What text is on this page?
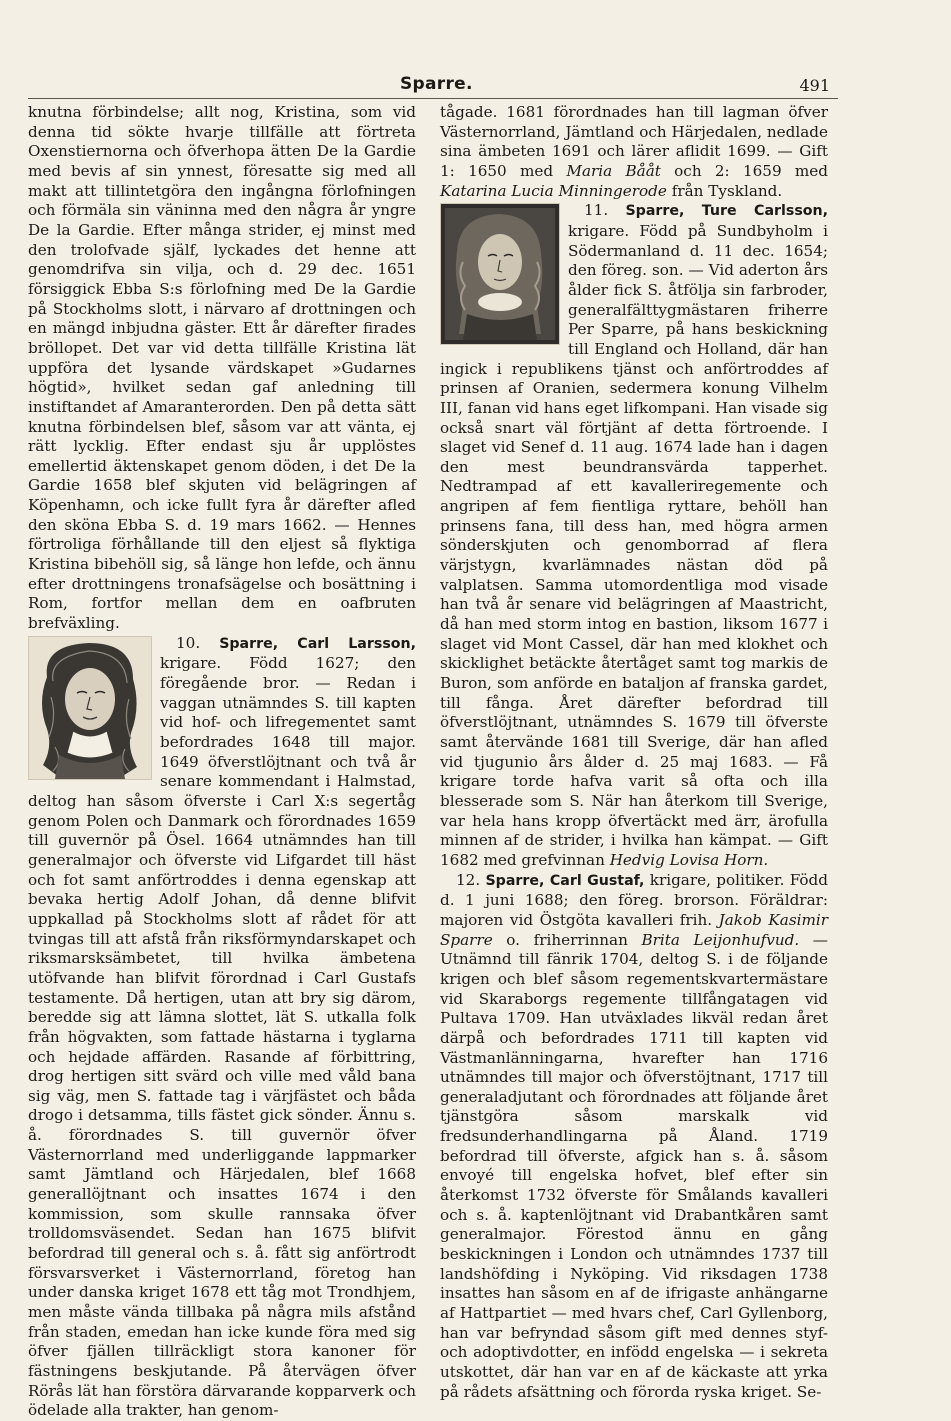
Sparre.	491

knutna förbindelse; allt nog, Kristina, som vid denna tid sökte hvarje tillfälle att förtreta Oxenstiernorna och öfverhopa ätten De la Gardie med bevis af sin ynnest, föresatte sig med all makt att tillintetgöra den ingångna förlofningen och förmäla sin väninna med den några år yngre De la Gardie. Efter många strider, ej minst med den trolofvade själf, lyckades det henne att genomdrifva sin vilja, och d. 29 dec. 1651 försiggick Ebba S:s förlofning med De la Gardie på Stockholms slott, i närvaro af drottningen och en mängd inbjudna gäster. Ett år därefter firades bröllopet. Det var vid detta tillfälle Kristina lät uppföra det lysande värdskapet »Gudarnes högtid», hvilket sedan gaf anledning till instiftandet af Amaranterorden. Den på detta sätt knutna förbindelsen blef, såsom var att vänta, ej rätt lycklig. Efter endast sju år upplöstes emellertid äktenskapet genom döden, i det De la Gardie 1658 blef skjuten vid belägringen af Köpenhamn, och icke fullt fyra år därefter afled den sköna Ebba S. d. 19 mars 1662. — Hennes förtroliga förhållande till den eljest så flyktiga Kristina bibehöll sig, så länge hon lefde, och ännu efter drottningens tronafsägelse och bosättning i Rom, fortfor mellan dem en oafbruten brefväxling.

10. Sparre, Carl Larsson,
krigare. Född 1627; den föregående bror. — Redan i vaggan utnämndes S. till kapten vid hof- och lifregementet samt befordrades 1648 till major. 1649 öfverstlöjtnant och två år senare kommendant i Halmstad, deltog han såsom öfverste i Carl X:s segertåg genom Polen och Danmark och förordnades 1659 till guvernör på Ösel. 1664 utnämndes han till generalmajor och öfverste vid Lifgardet till häst och fot samt anförtroddes i denna egenskap att bevaka hertig Adolf Johan, då denne blifvit uppkallad på Stockholms slott af rådet för att tvingas till att afstå från riksförmyndarskapet och riksmarsksämbetet, till hvilka ämbetena utöfvande han blifvit förordnad i Carl Gustafs testamente. Då hertigen, utan att bry sig därom, beredde sig att lämna slottet, lät S. utkalla folk från högvakten, som fattade hästarna i tyglarna och hejdade affärden. Rasande af förbittring, drog hertigen sitt svärd och ville med våld bana sig väg, men S. fattade tag i värjfästet och båda drogo i detsamma, tills fästet gick sönder. Ännu s. å. förordnades S. till guvernör öfver Västernorrland med underliggande lappmarker samt Jämtland och Härjedalen, blef 1668 generallöjtnant och insattes 1674 i den kommission, som skulle rannsaka öfver trolldomsväsendet. Sedan han 1675 blifvit befordrad till general och s. å. fått sig anförtrodt försvarsverket i Västernorrland, företog han under danska kriget 1678 ett tåg mot Trondhjem, men måste vända tillbaka på några mils afstånd från staden, emedan han icke kunde föra med sig öfver fjällen tillräckligt stora kanoner för fästningens beskjutande. På återvägen öfver Rörås lät han förstöra därvarande kopparverk och ödelade alla trakter, han genom-

tågade. 1681 förordnades han till lagman öfver Västernorrland, Jämtland och Härjedalen, nedlade sina ämbeten 1691 och lärer aflidit 1699. — Gift 1: 1650 med Maria Bååt och 2: 1659 med Katarina Lucia Minningerode från Tyskland.

11. Sparre, Ture Carlsson,
krigare. Född på Sundbyholm i Södermanland d. 11 dec. 1654; den föreg. son. — Vid aderton års ålder fick S. åtfölja sin farbroder, generalfälttygmästaren friherre Per Sparre, på hans beskickning till England och Holland, där han ingick i republikens tjänst och anförtroddes af prinsen af Oranien, sedermera konung Vilhelm III, fanan vid hans eget lifkompani. Han visade sig också snart väl förtjänt af detta förtroende. I slaget vid Senef d. 11 aug. 1674 lade han i dagen den mest beundransvärda tapperhet. Nedtrampad af ett kavalleriregemente och angripen af fem fientliga ryttare, behöll han prinsens fana, till dess han, med högra armen sönderskjuten och genomborrad af flera värjstygn, kvarlämnades nästan död på valplatsen. Samma utomordentliga mod visade han två år senare vid belägringen af Maastricht, då han med storm intog en bastion, liksom 1677 i slaget vid Mont Cassel, där han med klokhet och skicklighet betäckte återtåget samt tog markis de Buron, som anförde en bataljon af franska gardet, till fånga. Året därefter befordrad till öfverstlöjtnant, utnämndes S. 1679 till öfverste samt återvände 1681 till Sverige, där han afled vid tjugunio års ålder d. 25 maj 1683. — Få krigare torde hafva varit så ofta och illa blesserade som S. När han återkom till Sverige, var hela hans kropp öfvertäckt med ärr, ärofulla minnen af de strider, i hvilka han kämpat. — Gift 1682 med grefvinnan Hedvig Lovisa Horn.

12. Sparre, Carl Gustaf, krigare, politiker. Född d. 1 juni 1688; den föreg. brorson. Föräldrar: majoren vid Östgöta kavalleri frih. Jakob Kasimir Sparre o. friherrinnan Brita Leijonhufvud. — Utnämnd till fänrik 1704, deltog S. i de följande krigen och blef såsom regementskvartermästare vid Skaraborgs regemente tillfångatagen vid Pultava 1709. Han utväxlades likväl redan året därpå och befordrades 1711 till kapten vid Västmanlänningarna, hvarefter han 1716 utnämndes till major och öfverstöjtnant, 1717 till generaladjutant och förordnades att följande året tjänstgöra såsom marskalk vid fredsunderhandlingarna på Åland. 1719 befordrad till öfverste, afgick han s. å. såsom envoyé till engelska hofvet, blef efter sin återkomst 1732 öfverste för Smålands kavalleri och s. å. kaptenlöjtnant vid Drabantkåren samt generalmajor. Förestod ännu en gång beskickningen i London och utnämndes 1737 till landshöfding i Nyköping. Vid riksdagen 1738 insattes han såsom en af de ifrigaste anhängarne af Hattpartiet — med hvars chef, Carl Gyllenborg, han var befryndad såsom gift med dennes styf- och adoptivdotter, en infödd engelska — i sekreta utskottet, där han var en af de käckaste att yrka på rådets afsättning och förorda ryska kriget. Se-
